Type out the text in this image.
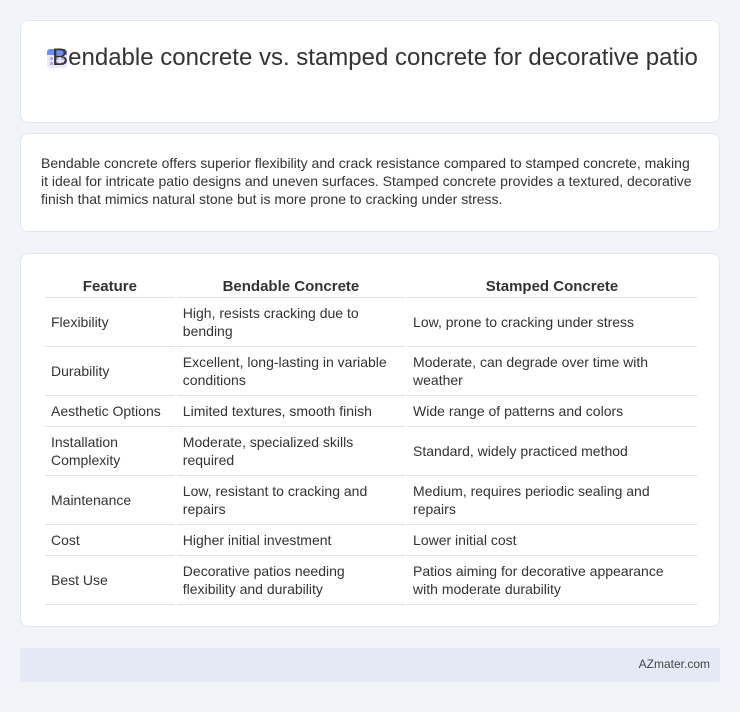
Bendable concrete vs. stamped concrete for decorative patio

Bendable concrete offers superior flexibility and crack resistance compared to stamped concrete, making it ideal for intricate patio designs and uneven surfaces. Stamped concrete provides a textured, decorative finish that mimics natural stone but is more prone to cracking under stress.

Feature	Bendable Concrete	Stamped Concrete
Flexibility	High, resists cracking due to bending	Low, prone to cracking under stress
Durability	Excellent, long-lasting in variable conditions	Moderate, can degrade over time with weather
Aesthetic Options	Limited textures, smooth finish	Wide range of patterns and colors
Installation Complexity	Moderate, specialized skills required	Standard, widely practiced method
Maintenance	Low, resistant to cracking and repairs	Medium, requires periodic sealing and repairs
Cost	Higher initial investment	Lower initial cost
Best Use	Decorative patios needing flexibility and durability	Patios aiming for decorative appearance with moderate durability
AZmater.com
